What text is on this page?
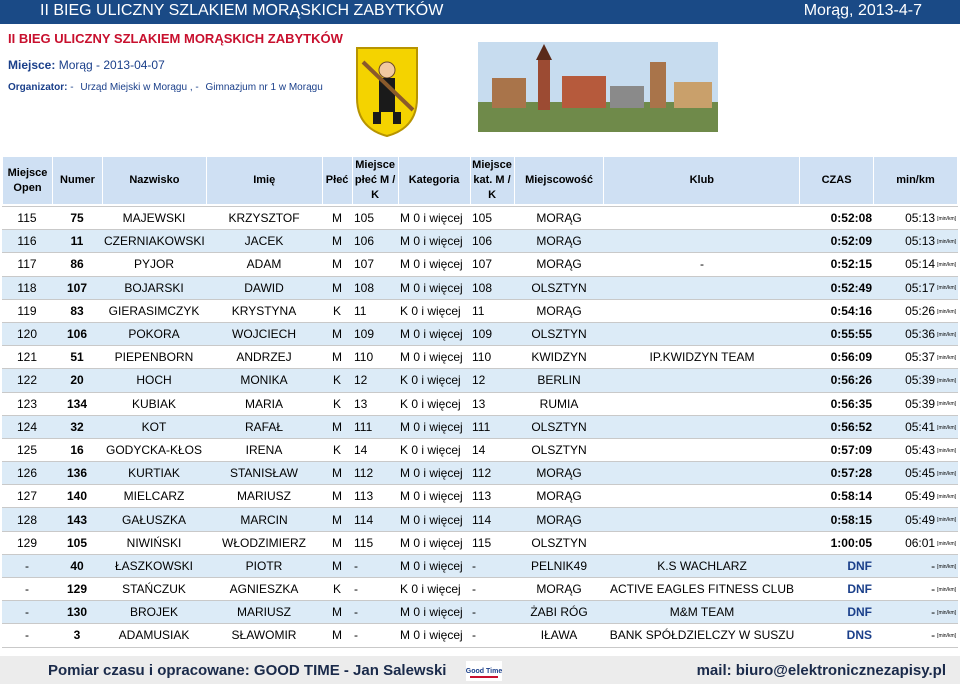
II BIEG ULICZNY SZLAKIEM MORĄSKICH ZABYTKÓW	Morąg, 2013-4-7
II BIEG ULICZNY SZLAKIEM MORĄSKICH ZABYTKÓW
Miejsce: Morąg - 2013-04-07
Organizator: - Urząd Miejski w Morągu , - Gimnazjum nr 1 w Morągu
Miejsce Open	Numer	Nazwisko	Imię	Płeć	Miejsce płeć M / K	Kategoria	Miejsce kat. M / K	Miejscowość	Klub	CZAS	min/km
115	75	MAJEWSKI	KRZYSZTOF	M	105	M 0 i więcej	105	MORĄG		0:52:08	05:13 [min/km]
116	11	CZERNIAKOWSKI	JACEK	M	106	M 0 i więcej	106	MORĄG		0:52:09	05:13 [min/km]
117	86	PYJOR	ADAM	M	107	M 0 i więcej	107	MORĄG	-	0:52:15	05:14 [min/km]
118	107	BOJARSKI	DAWID	M	108	M 0 i więcej	108	OLSZTYN		0:52:49	05:17 [min/km]
119	83	GIERASIMCZYK	KRYSTYNA	K	11	K 0 i więcej	11	MORĄG		0:54:16	05:26 [min/km]
120	106	POKORA	WOJCIECH	M	109	M 0 i więcej	109	OLSZTYN		0:55:55	05:36 [min/km]
121	51	PIEPENBORN	ANDRZEJ	M	110	M 0 i więcej	110	KWIDZYN	IP.KWIDZYN TEAM	0:56:09	05:37 [min/km]
122	20	HOCH	MONIKA	K	12	K 0 i więcej	12	BERLIN		0:56:26	05:39 [min/km]
123	134	KUBIAK	MARIA	K	13	K 0 i więcej	13	RUMIA		0:56:35	05:39 [min/km]
124	32	KOT	RAFAŁ	M	111	M 0 i więcej	111	OLSZTYN		0:56:52	05:41 [min/km]
125	16	GODYCKA-KŁOS	IRENA	K	14	K 0 i więcej	14	OLSZTYN		0:57:09	05:43 [min/km]
126	136	KURTIAK	STANISŁAW	M	112	M 0 i więcej	112	MORĄG		0:57:28	05:45 [min/km]
127	140	MIELCARZ	MARIUSZ	M	113	M 0 i więcej	113	MORĄG		0:58:14	05:49 [min/km]
128	143	GAŁUSZKA	MARCIN	M	114	M 0 i więcej	114	MORĄG		0:58:15	05:49 [min/km]
129	105	NIWIŃSKI	WŁODZIMIERZ	M	115	M 0 i więcej	115	OLSZTYN		1:00:05	06:01 [min/km]
-	40	ŁASZKOWSKI	PIOTR	M	-	M 0 i więcej	-	PELNIK49	K.S WACHLARZ	DNF	- [min/km]
-	129	STAŃCZUK	AGNIESZKA	K	-	K 0 i więcej	-	MORĄG	ACTIVE EAGLES FITNESS CLUB	DNF	- [min/km]
-	130	BROJEK	MARIUSZ	M	-	M 0 i więcej	-	ŻABI RÓG	M&M TEAM	DNF	- [min/km]
-	3	ADAMUSIAK	SŁAWOMIR	M	-	M 0 i więcej	-	IŁAWA	BANK SPÓŁDZIELCZY W SUSZU	DNS	- [min/km]
Pomiar czasu i opracowane: GOOD TIME - Jan Salewski	Good Time	mail: biuro@elektronicznezapisy.pl
